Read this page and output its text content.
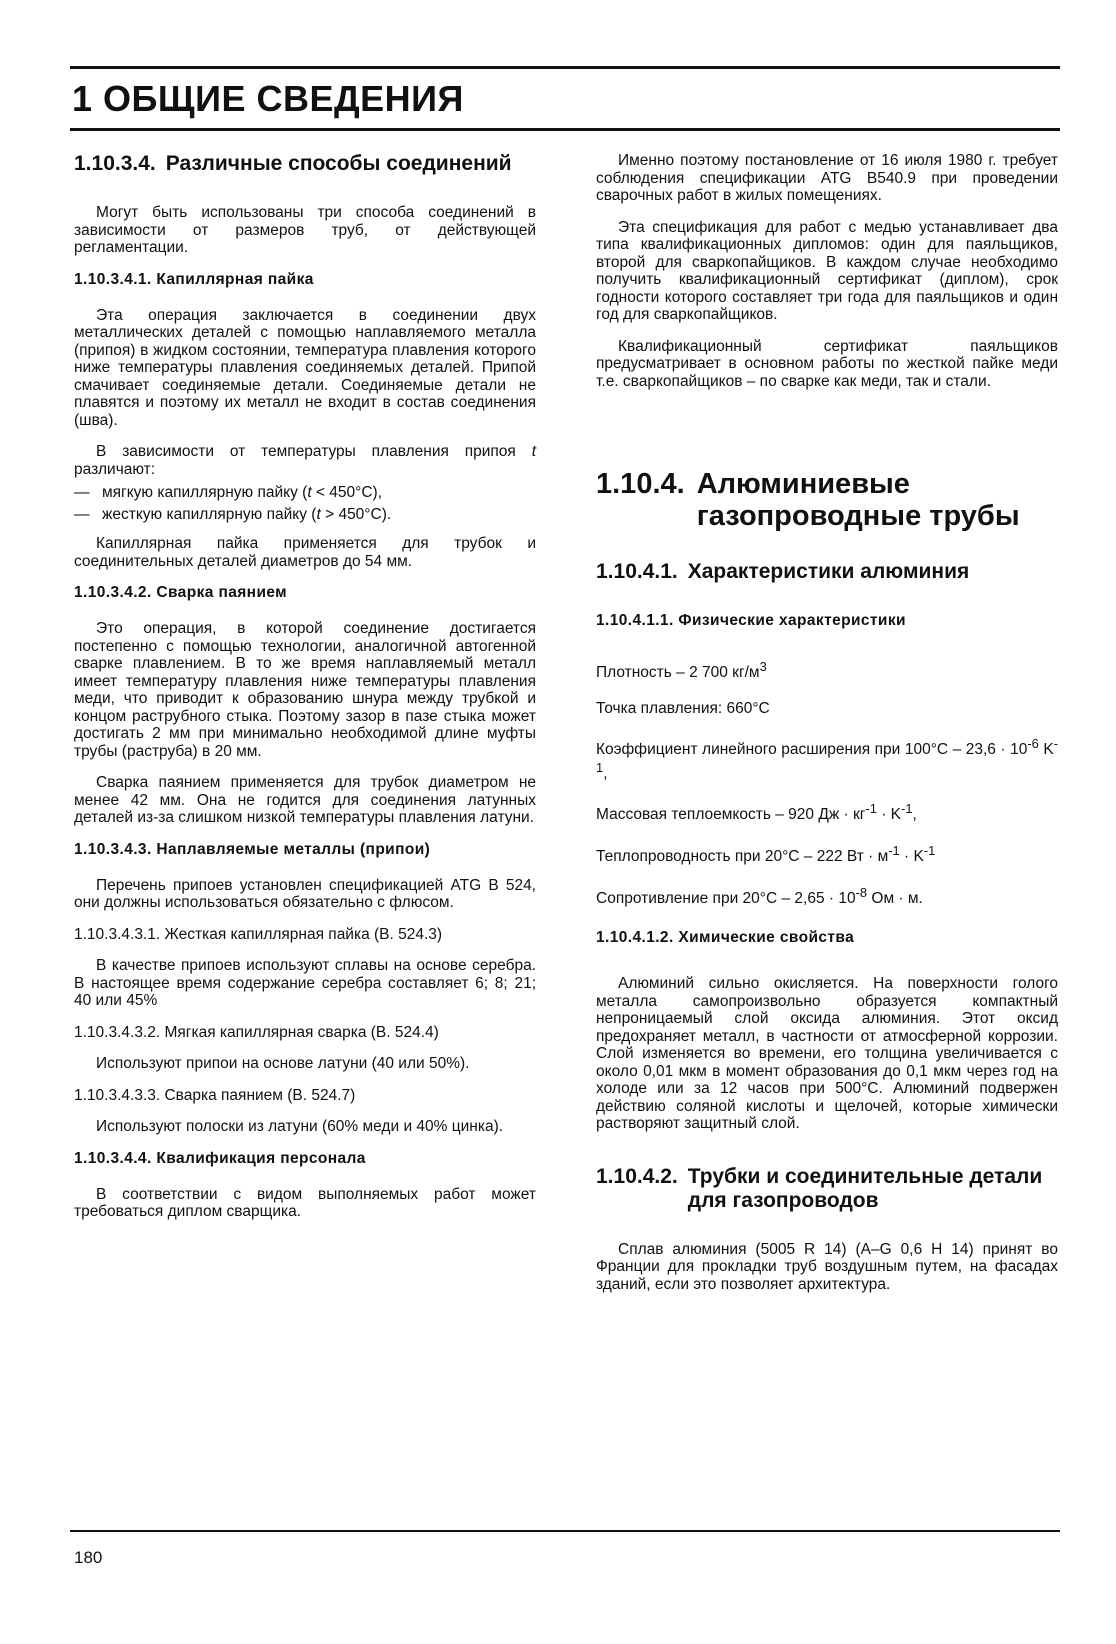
1 ОБЩИЕ СВЕДЕНИЯ
1.10.3.4. Различные способы соединений

Могут быть использованы три способа соединений в зависимости от размеров труб, от действующей регламентации.

1.10.3.4.1. Капиллярная пайка

Эта операция заключается в соединении двух металлических деталей с помощью наплавляемого металла (припоя) в жидком состоянии, температура плавления которого ниже температуры плавления соединяемых деталей. Припой смачивает соединяемые детали. Соединяемые детали не плавятся и поэтому их металл не входит в состав соединения (шва).

В зависимости от температуры плавления припоя t различают:

— мягкую капиллярную пайку (t < 450°С),
— жесткую капиллярную пайку (t > 450°С).

Капиллярная пайка применяется для трубок и соединительных деталей диаметров до 54 мм.

1.10.3.4.2. Сварка паянием

Это операция, в которой соединение достигается постепенно с помощью технологии, аналогичной автогенной сварке плавлением. В то же время наплавляемый металл имеет температуру плавления ниже температуры плавления меди, что приводит к образованию шнура между трубкой и концом раструбного стыка. Поэтому зазор в пазе стыка может достигать 2 мм при минимально необходимой длине муфты трубы (раструба) в 20 мм.

Сварка паянием применяется для трубок диаметром не менее 42 мм. Она не годится для соединения латунных деталей из-за слишком низкой температуры плавления латуни.

1.10.3.4.3. Наплавляемые металлы (припои)

Перечень припоев установлен спецификацией ATG B 524, они должны использоваться обязательно с флюсом.

1.10.3.4.3.1. Жесткая капиллярная пайка (B. 524.3)

В качестве припоев используют сплавы на основе серебра. В настоящее время содержание серебра составляет 6; 8; 21; 40 или 45%

1.10.3.4.3.2. Мягкая капиллярная сварка (B. 524.4)

Используют припои на основе латуни (40 или 50%).

1.10.3.4.3.3. Сварка паянием (B. 524.7)

Используют полоски из латуни (60% меди и 40% цинка).

1.10.3.4.4. Квалификация персонала

В соответствии с видом выполняемых работ может требоваться диплом сварщика.

Именно поэтому постановление от 16 июля 1980 г. требует соблюдения спецификации ATG B540.9 при проведении сварочных работ в жилых помещениях.

Эта спецификация для работ с медью устанавливает два типа квалификационных дипломов: один для паяльщиков, второй для сваркопайщиков. В каждом случае необходимо получить квалификационный сертификат (диплом), срок годности которого составляет три года для паяльщиков и один год для сваркопайщиков.

Квалификационный сертификат паяльщиков предусматривает в основном работы по жесткой пайке меди т.е. сваркопайщиков – по сварке как меди, так и стали.

1.10.4. Алюминиевые
газопроводные трубы
1.10.4.1. Характеристики алюминия
1.10.4.1.1. Физические характеристики

Плотность – 2 700 $кг/м^3$

Точка плавления: 660°С

Коэффициент линейного расширения при $100^\circ С - 23,6 \cdot 10^{-6}$ $K^{-1}$,

Массовая теплоемкость – 920 Дж · $кг^{-1} \cdot K^{-1}$,

Теплопроводность при 20°С – 222 Вт · $м^{-1} \cdot K^{-1}$

Сопротивление при $20^\circ С - 2,65 \cdot 10^{-8}$ Ом · м.

1.10.4.1.2. Химические свойства

Алюминий сильно окисляется. На поверхности голого металла самопроизвольно образуется компактный непроницаемый слой оксида алюминия. Этот оксид предохраняет металл, в частности от атмосферной коррозии. Слой изменяется во времени, его толщина увеличивается с около 0,01 мкм в момент образования до 0,1 мкм через год на холоде или за 12 часов при 500°С. Алюминий подвержен действию соляной кислоты и щелочей, которые химически растворяют защитный слой.

1.10.4.2. Трубки и соединительные детали для газопроводов

Сплав алюминия (5005 R 14) (A–G 0,6 H 14) принят во Франции для прокладки труб воздушным путем, на фасадах зданий, если это позволяет архитектура.

180
